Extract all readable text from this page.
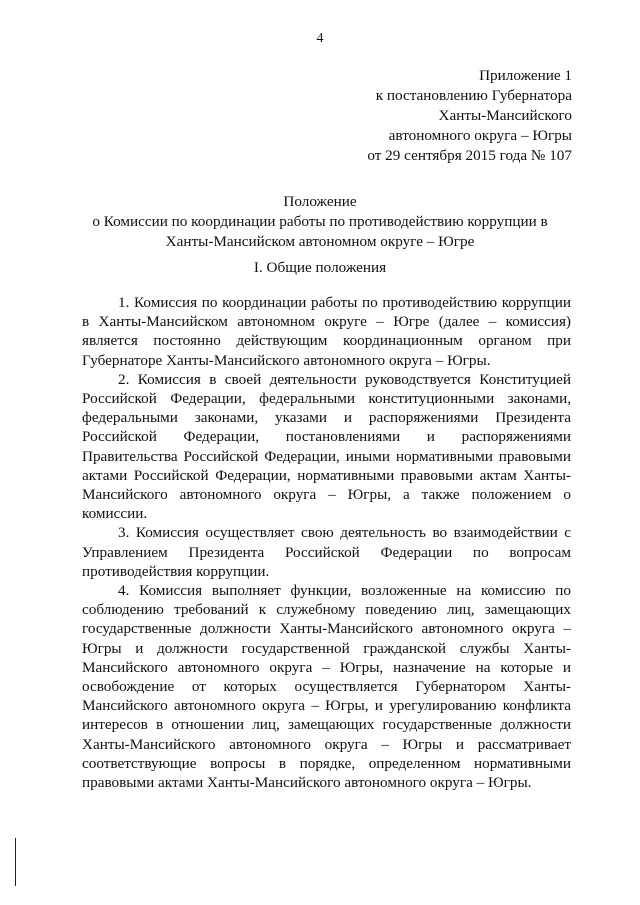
4
Приложение 1
к постановлению Губернатора
Ханты-Мансийского
автономного округа – Югры
от 29 сентября 2015 года № 107
Положение
о Комиссии по координации работы по противодействию коррупции в
Ханты-Мансийском автономном округе – Югре
I. Общие положения

1. Комиссия по координации работы по противодействию коррупции в Ханты-Мансийском автономном округе – Югре (далее – комиссия) является постоянно действующим координационным органом при Губернаторе Ханты-Мансийского автономного округа – Югры.

2. Комиссия в своей деятельности руководствуется Конституцией Российской Федерации, федеральными конституционными законами, федеральными законами, указами и распоряжениями Президента Российской Федерации, постановлениями и распоряжениями Правительства Российской Федерации, иными нормативными правовыми актами Российской Федерации, нормативными правовыми актам Ханты-Мансийского автономного округа – Югры, а также положением о комиссии.

3. Комиссия осуществляет свою деятельность во взаимодействии с Управлением Президента Российской Федерации по вопросам противодействия коррупции.

4. Комиссия выполняет функции, возложенные на комиссию по соблюдению требований к служебному поведению лиц, замещающих государственные должности Ханты-Мансийского автономного округа – Югры и должности государственной гражданской службы Ханты-Мансийского автономного округа – Югры, назначение на которые и освобождение от которых осуществляется Губернатором Ханты-Мансийского автономного округа – Югры, и урегулированию конфликта интересов в отношении лиц, замещающих государственные должности Ханты-Мансийского автономного округа – Югры и рассматривает соответствующие вопросы в порядке, определенном нормативными правовыми актами Ханты-Мансийского автономного округа – Югры.
